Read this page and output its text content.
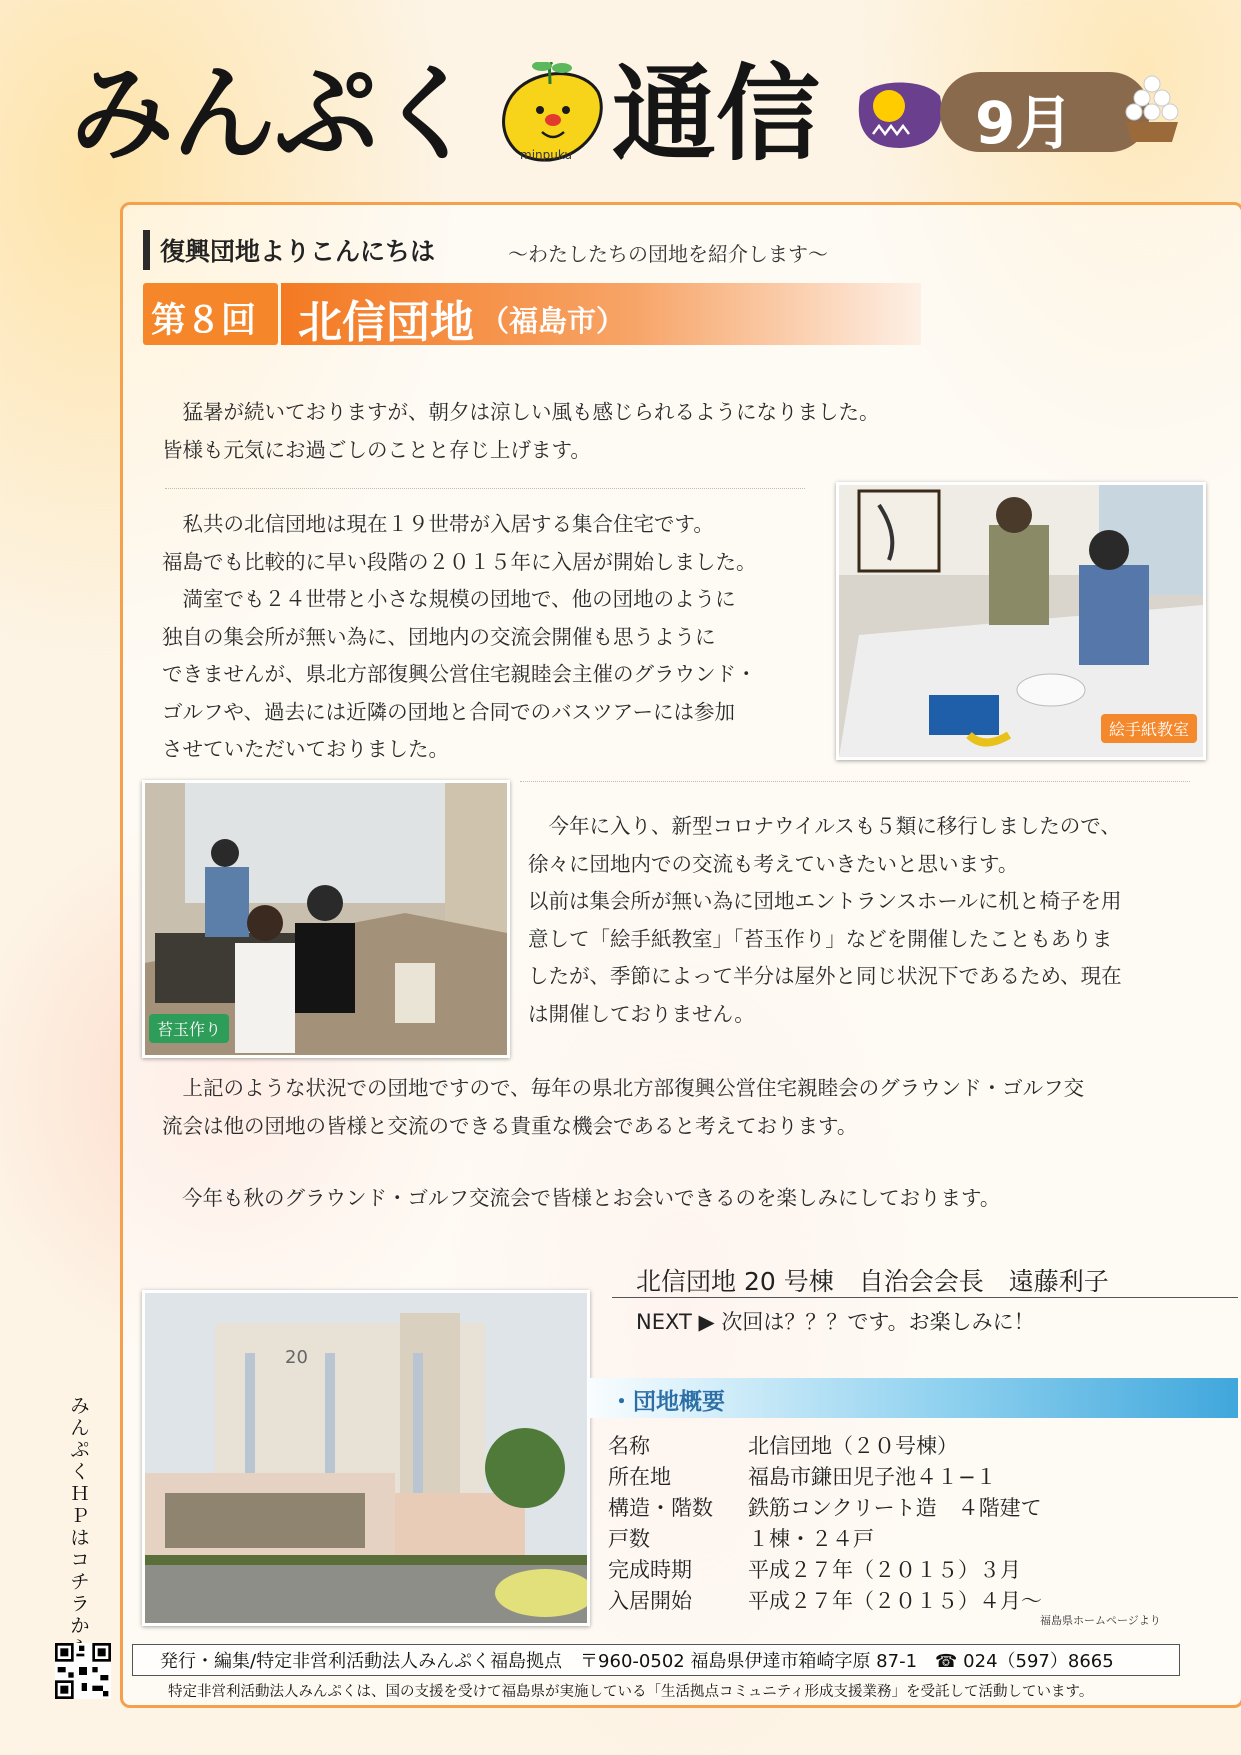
みんぷく	minpuku 通信	9月
復興団地よりこんにちは	〜わたしたちの団地を紹介します〜
第８回 北信団地 （福島市）
　猛暑が続いておりますが、朝夕は涼しい風も感じられるようになりました。
皆様も元気にお過ごしのことと存じ上げます。
　私共の北信団地は現在１９世帯が入居する集合住宅です。
福島でも比較的に早い段階の２０１５年に入居が開始しました。
　満室でも２４世帯と小さな規模の団地で、他の団地のように
独自の集会所が無い為に、団地内の交流会開催も思うように
できませんが、県北方部復興公営住宅親睦会主催のグラウンド・
ゴルフや、過去には近隣の団地と合同でのバスツアーには参加
させていただいておりました。
絵手紙教室
苔玉作り
　今年に入り、新型コロナウイルスも５類に移行しましたので、
徐々に団地内での交流も考えていきたいと思います。
以前は集会所が無い為に団地エントランスホールに机と椅子を用
意して「絵手紙教室」「苔玉作り」などを開催したこともありま
したが、季節によって半分は屋外と同じ状況下であるため、現在
は開催しておりません。
　上記のような状況での団地ですので、毎年の県北方部復興公営住宅親睦会のグラウンド・ゴルフ交
流会は他の団地の皆様と交流のできる貴重な機会であると考えております。
今年も秋のグラウンド・ゴルフ交流会で皆様とお会いできるのを楽しみにしております。
北信団地 20 号棟　自治会会長　遠藤利子
NEXT ▶ 次回は？？？です。お楽しみに！
20
・団地概要
名称	北信団地（２０号棟）
所在地	福島市鎌田児子池４１−１
構造・階数 鉄筋コンクリート造　４階建て
戸数	１棟・２４戸
完成時期	平成２７年（２０１５）３月
入居開始	平成２７年（２０１５）４月〜
福島県ホームページより
みんぷくＨＰはコチラか
発行・編集/特定非営利活動法人みんぷく福島拠点　〒960-0502 福島県伊達市箱崎字原 87-1　☎ 024（597）8665
特定非営利活動法人みんぷくは、国の支援を受けて福島県が実施している「生活拠点コミュニティ形成支援業務」を受託して活動しています。
